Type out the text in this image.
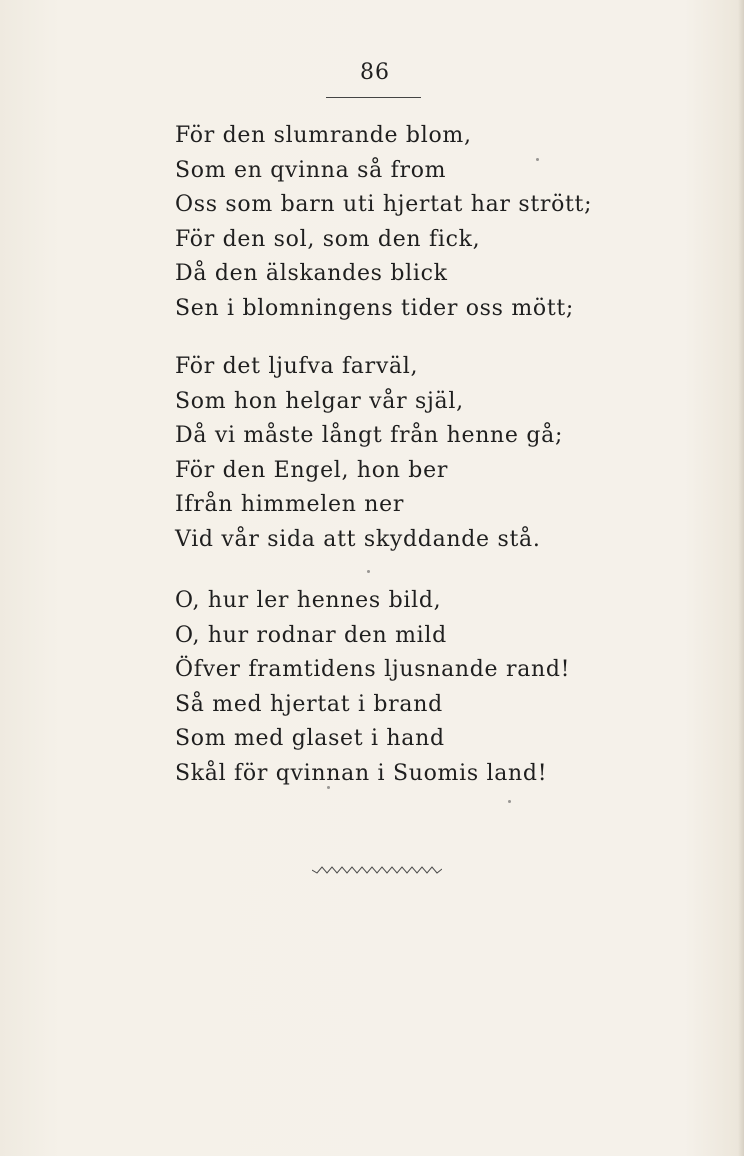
86
För den slumrande blom,
Som en qvinna så from
Oss som barn uti hjertat har strött;
För den sol, som den fick,
Då den älskandes blick
Sen i blomningens tider oss mött;
För det ljufva farväl,
Som hon helgar vår själ,
Då vi måste långt från henne gå;
För den Engel, hon ber
Ifrån himmelen ner
Vid vår sida att skyddande stå.
O, hur ler hennes bild,
O, hur rodnar den mild
Öfver framtidens ljusnande rand!
Så med hjertat i brand
Som med glaset i hand
Skål för qvinnan i Suomis land!
